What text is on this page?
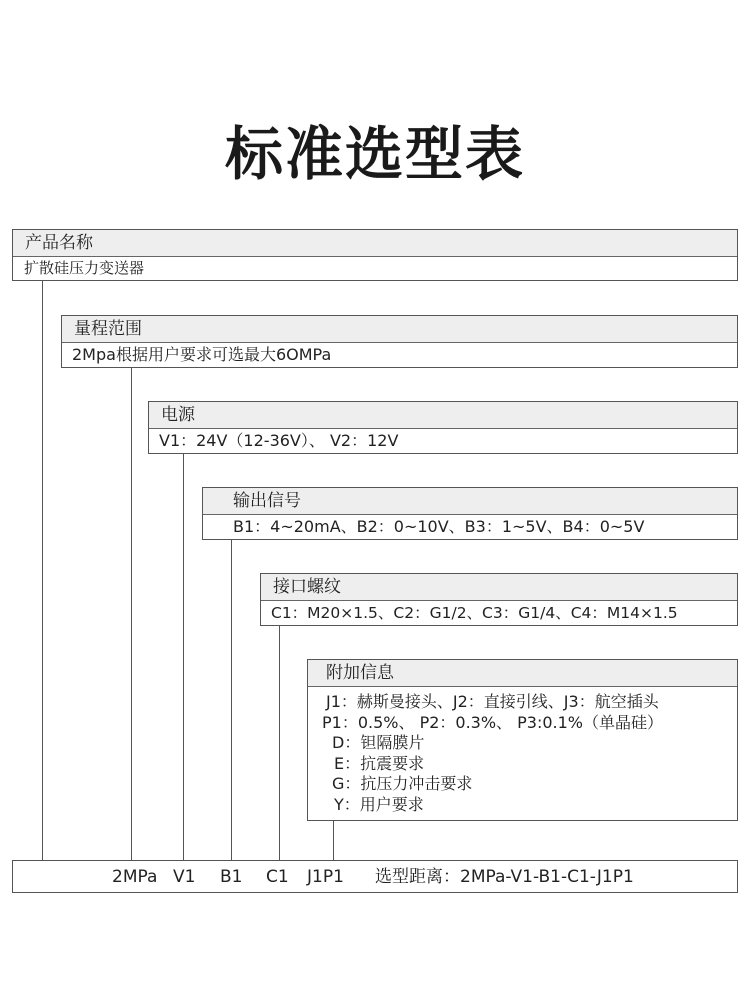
标准选型表
产品名称
扩散硅压力变送器
量程范围
2Mpa根据用户要求可选最大6OMPa
电源
V1：24V（12-36V）、 V2：12V
输出信号
B1：4~20mA、B2：0~10V、B3：1~5V、B4：0~5V
接口螺纹
C1：M20×1.5、C2：G1/2、C3：G1/4、C4：M14×1.5
附加信息
J1：赫斯曼接头、J2：直接引线、J3：航空插头
P1：0.5%、 P2：0.3%、 P3:0.1%（单晶硅）
D：钽隔膜片
E：抗震要求
G：抗压力冲击要求
Y：用户要求
2MPa V1 B1 C1 J1P1 选型距离：2MPa-V1-B1-C1-J1P1
